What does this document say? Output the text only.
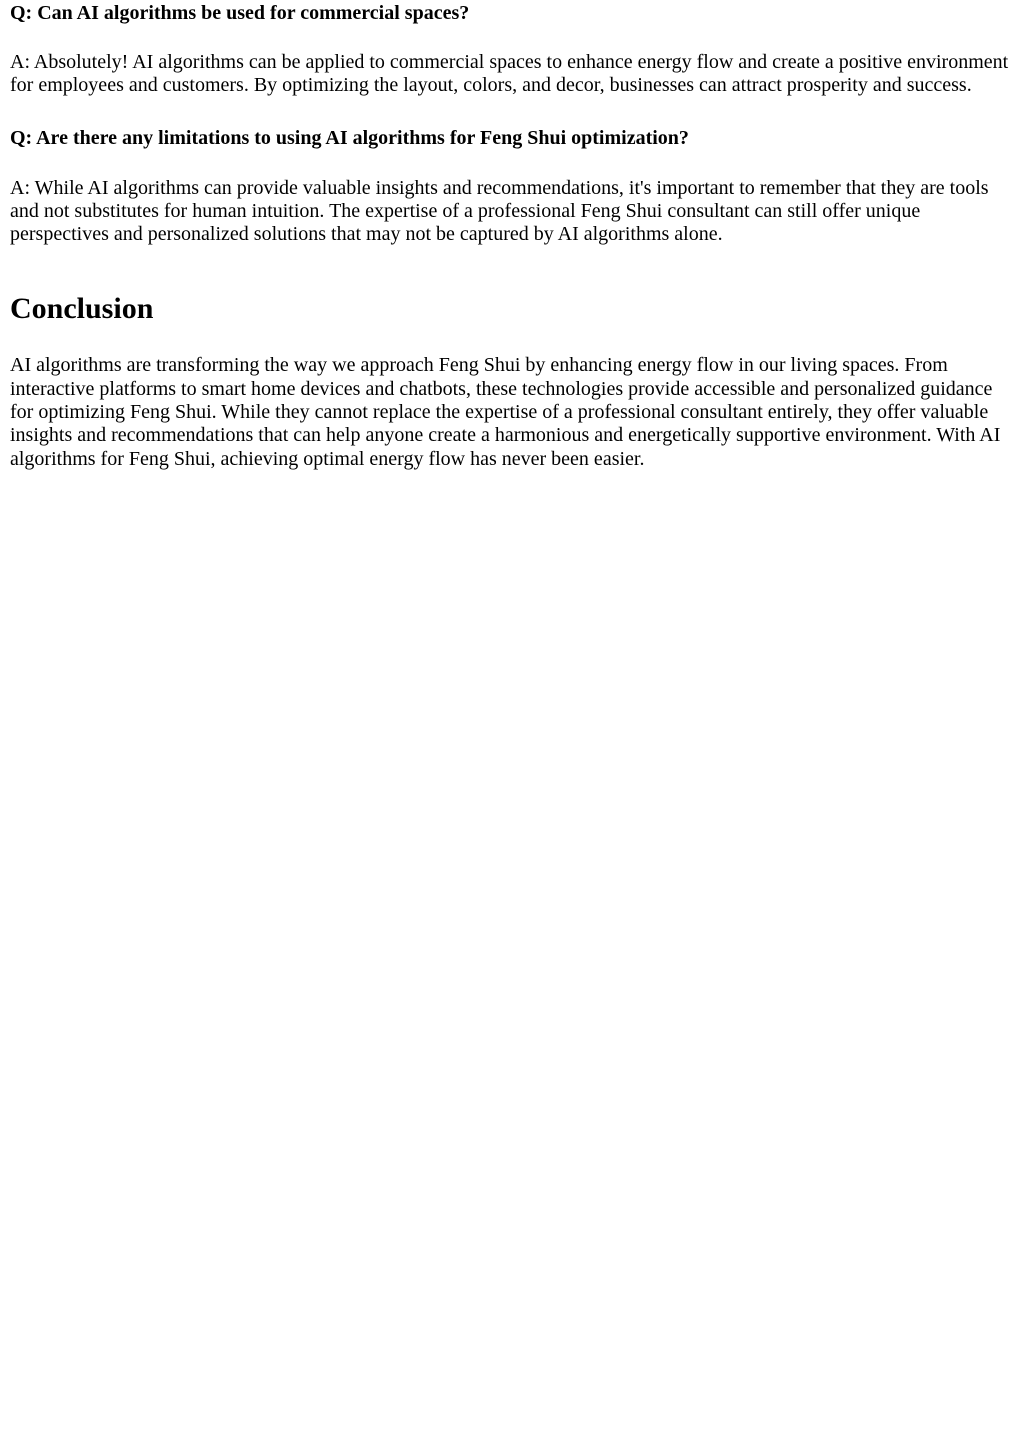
Q: Can AI algorithms be used for commercial spaces?

A: Absolutely! AI algorithms can be applied to commercial spaces to enhance energy flow and create a positive environment for employees and customers. By optimizing the layout, colors, and decor, businesses can attract prosperity and success.

Q: Are there any limitations to using AI algorithms for Feng Shui optimization?

A: While AI algorithms can provide valuable insights and recommendations, it's important to remember that they are tools and not substitutes for human intuition. The expertise of a professional Feng Shui consultant can still offer unique perspectives and personalized solutions that may not be captured by AI algorithms alone.

Conclusion

AI algorithms are transforming the way we approach Feng Shui by enhancing energy flow in our living spaces. From interactive platforms to smart home devices and chatbots, these technologies provide accessible and personalized guidance for optimizing Feng Shui. While they cannot replace the expertise of a professional consultant entirely, they offer valuable insights and recommendations that can help anyone create a harmonious and energetically supportive environment. With AI algorithms for Feng Shui, achieving optimal energy flow has never been easier.
